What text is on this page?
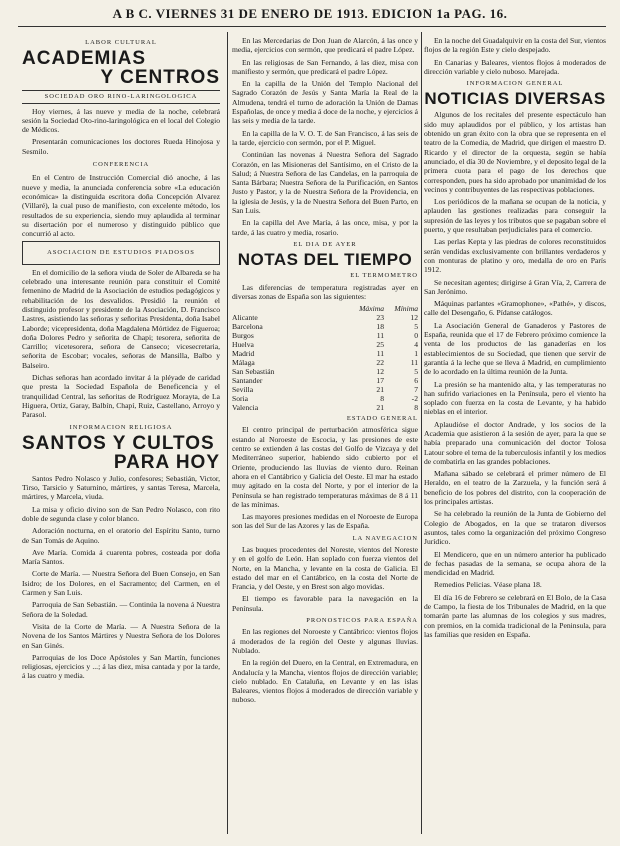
A B C. VIERNES 31 DE ENERO DE 1913. EDICION 1a PAG. 16.
LABOR CULTURAL
ACADEMIAS
Y CENTROS
SOCIEDAD ORO RINO-LARINGOLOGICA

Hoy viernes, á las nueve y media de la noche, celebrará sesión la Sociedad Oto-rino-laringológica en el local del Colegio de Médicos.

Presentarán comunicaciones los doctores Rueda Hinojosa y Sesmilo.

CONFERENCIA

En el Centro de Instrucción Comercial dió anoche, á las nueve y media, la anunciada conferencia sobre «La educación económica» la distinguida escritora doña Concepción Alvarez (Villaré), la cual puso de manifiesto, con excelente método, los resultados de su experiencia, siendo muy aplaudida al terminar su disertación por el numeroso y distinguido público que concurrió al acto.

ASOCIACION DE ESTUDIOS PIADOSOS

En el domicilio de la señora viuda de Soler de Albareda se ha celebrado una interesante reunión para constituir el Comité femenino de Madrid de la Asociación de estudios pedagógicos y rehabilitación de los desvalidos. Presidió la reunión el distinguido profesor y presidente de la Asociación, D. Francisco Lastres, asistiendo las señoras y señoritas Presidenta, doña Isabel Laborde; vicepresidenta, doña Magdalena Mórtidez de Figueroa; doña Dolores Pedro y señorita de Chapi; tesorera, señorita de Carrillo; vicetesorera, señora de Canseco; vicesecretaria, señorita de Escobar; vocales, señoras de Mansilla, Balbo y Balseiro.

Dichas señoras han acordado invitar á la pléyade de caridad que presta la Sociedad Española de Beneficencia y el tranquilidad Central, las señoritas de Rodríguez Morayta, de La Higuera, Ortiz, Garay, Balbín, Chapí, Ruiz, Castellano, Arroyo y Parasol.

INFORMACION RELIGIOSA
SANTOS Y CULTOS
PARA HOY

Santos Pedro Nolasco y Julio, confesores; Sebastián, Victor, Tirso, Tarsicio y Saturnino, mártires, y santas Teresa, Marcela, mártires, y Marcela, viuda.

La misa y oficio divino son de San Pedro Nolasco, con rito doble de segunda clase y color blanco.

Adoración nocturna, en el oratorio del Espíritu Santo, turno de San Tomás de Aquino.

Ave María. Comida á cuarenta pobres, costeada por doña María Santos.

Corte de María. — Nuestra Señora del Buen Consejo, en San Isidro; de los Dolores, en el Sacramento; del Carmen, en el Carmen y San Luis.

Parroquia de San Sebastián. — Continúa la novena á Nuestra Señora de la Soledad.

Visita de la Corte de María. — A Nuestra Señora de la Novena de los Santos Mártires y Nuestra Señora de los Dolores en San Ginés.

Parroquias de los Doce Apóstoles y San Martín, funciones religiosas, ejercicios y ...; á las diez, misa cantada y por la tarde, á las cuatro y media.

En las Mercedarias de Don Juan de Alarcón, á las once y media, ejercicios con sermón, que predicará el padre López.

En las religiosas de San Fernando, á las diez, misa con manifiesto y sermón, que predicará el padre López.

En la capilla de la Unión del Templo Nacional del Sagrado Corazón de Jesús y Santa María la Real de la Almudena, tendrá el turno de adoración la Unión de Damas Españolas, de once y media á doce de la noche, y ejercicios á las seis y media de la tarde.

En la capilla de la V. O. T. de San Francisco, á las seis de la tarde, ejercicio con sermón, por el P. Miguel.

Continúan las novenas á Nuestra Señora del Sagrado Corazón, en las Misioneras del Santísimo, en el Cristo de la Salud; á Nuestra Señora de las Candelas, en la parroquia de Santa Bárbara; Nuestra Señora de la Purificación, en Santos Justo y Pastor, y la de Nuestra Señora de la Providencia, en la iglesia de Jesús, y la de Nuestra Señora del Buen Parto, en San Luis.

En la capilla del Ave María, á las once, misa, y por la tarde, á las cuatro y media, rosario.

EL DIA DE AYER
NOTAS DEL TIEMPO
EL TERMOMETRO

Las diferencias de temperatura registradas ayer en diversas zonas de España son las siguientes:

	Máxima	Mínima
Alicante	23	12
Barcelona	18	5
Burgos	11	0
Huelva	25	4
Madrid	11	1
Málaga	22	11
San Sebastián	12	5
Santander	17	6
Sevilla	21	7
Soria	8	-2
Valencia	21	8
ESTADO GENERAL

El centro principal de perturbación atmosférica sigue estando al Noroeste de Escocia, y las presiones de este centro se extienden á las costas del Golfo de Vizcaya y del Mediterráneo superior, habiendo sido cubierto por el Oriente, produciendo las lluvias de viento duro. Reinan ahora en el Cantábrico y Galicia del Oeste. El mar ha estado muy agitado en la costa del Norte, y por el interior de la Península se han registrado temperaturas máximas de 8 á 11 de las mínimas.

Las mayores presiones medidas en el Noroeste de Europa son las del Sur de las Azores y las de España.

LA NAVEGACION

Las buques procedentes del Noreste, vientos del Noreste y en el golfo de León. Han soplado con fuerza vientos del Norte, en la Mancha, y levante en la costa de Galicia. El estado del mar en el Cantábrico, en la costa del Norte de Francia, y del Oeste, y en Brest son algo movidas.

El tiempo es favorable para la navegación en la Península.

PRONOSTICOS PARA ESPAÑA

En las regiones del Noroeste y Cantábrico: vientos flojos á moderados de la región del Oeste y algunas lluvias. Nublado.

En la región del Duero, en la Central, en Extremadura, en Andalucía y la Mancha, vientos flojos de dirección variable; cielo nublado. En Cataluña, en Levante y en las islas Baleares, vientos flojos á moderados de dirección variable y nuboso.

En la noche del Guadalquivir en la costa del Sur, vientos flojos de la región Este y cielo despejado.

En Canarias y Baleares, vientos flojos á moderados de dirección variable y cielo nuboso. Marejada.

INFORMACION GENERAL
NOTICIAS DIVERSAS

Algunos de los recitales del presente espectáculo han sido muy aplaudidos por el público, y los artistas han obtenido un gran éxito con la obra que se representa en el teatro de la Comedia, de Madrid, que dirigen el maestro D. Ricardo y el director de la orquesta, según se había anunciado, el día 30 de Noviembre, y el deposito legal de la primera cuota para el pago de los derechos que corresponden, pues ha sido aprobado por unanimidad de los vecinos y contribuyentes de las respectivas poblaciones.

Los periódicos de la mañana se ocupan de la noticia, y aplauden las gestiones realizadas para conseguir la supresión de las leyes y los tributos que se pagaban sobre el puerto, y que resultaban perjudiciales para el comercio.

Las perlas Kepta y las piedras de colores reconstituidos serán vendidas exclusivamente con brillantes verdaderos y con monturas de platino y oro, medalla de oro en París 1912.

Se necesitan agentes; dirigirse á Gran Vía, 2, Carrera de San Jerónimo.

Máquinas parlantes «Gramophone», «Pathé», y discos, calle del Desengaño, 6. Pídanse catálogos.

La Asociación General de Ganaderos y Pastores de España, reunida que el 17 de Febrero próximo comience la venta de los productos de las ganaderías en los establecimientos de su Sociedad, que tienen que servir de garantía á la leche que se lleva á Madrid, en cumplimiento de lo acordado en la última reunión de la Junta.

La presión se ha mantenido alta, y las temperaturas no han sufrido variaciones en la Península, pero el viento ha soplado con fuerza en la costa de Levante, y ha habido nieblas en el interior.

Aplaudióse el doctor Andrade, y los socios de la Academia que asistieron á la sesión de ayer, para la que se había preparado una comunicación del doctor Tolosa Latour sobre el tema de la tuberculosis infantil y los medios de combatirla en las grandes poblaciones.

Mañana sábado se celebrará el primer número de El Heraldo, en el teatro de la Zarzuela, y la función será á beneficio de los pobres del distrito, con la cooperación de los principales artistas.

Se ha celebrado la reunión de la Junta de Gobierno del Colegio de Abogados, en la que se trataron diversos asuntos, tales como la organización del próximo Congreso Jurídico.

El Mendicero, que en un número anterior ha publicado de fechas pasadas de la semana, se ocupa ahora de la mendicidad en Madrid.

Remedios Pelicias. Véase plana 18.

El día 16 de Febrero se celebrará en El Bolo, de la Casa de Campo, la fiesta de los Tribunales de Madrid, en la que tomarán parte las alumnas de los colegios y sus madres, con premios, en la comida tradicional de la Peninsula, para las familias que residen en España.
